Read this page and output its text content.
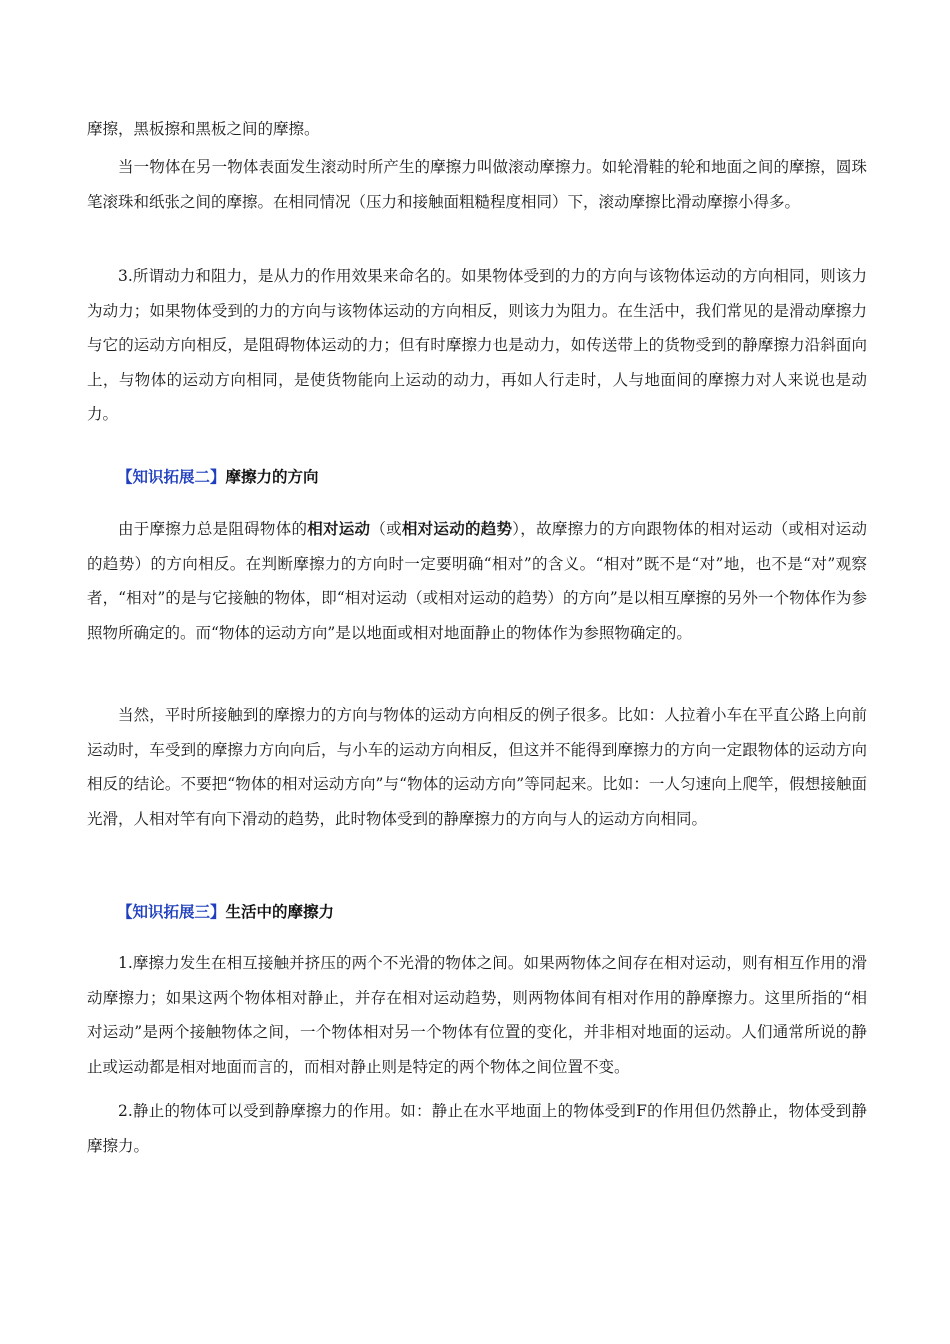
摩擦，黑板擦和黑板之间的摩擦。

当一物体在另一物体表面发生滚动时所产生的摩擦力叫做滚动摩擦力。如轮滑鞋的轮和地面之间的摩擦，圆珠笔滚珠和纸张之间的摩擦。在相同情况（压力和接触面粗糙程度相同）下，滚动摩擦比滑动摩擦小得多。

3.所谓动力和阻力，是从力的作用效果来命名的。如果物体受到的力的方向与该物体运动的方向相同，则该力为动力；如果物体受到的力的方向与该物体运动的方向相反，则该力为阻力。在生活中，我们常见的是滑动摩擦力与它的运动方向相反，是阻碍物体运动的力；但有时摩擦力也是动力，如传送带上的货物受到的静摩擦力沿斜面向上，与物体的运动方向相同，是使货物能向上运动的动力，再如人行走时，人与地面间的摩擦力对人来说也是动力。

【知识拓展二】摩擦力的方向

由于摩擦力总是阻碍物体的相对运动（或相对运动的趋势），故摩擦力的方向跟物体的相对运动（或相对运动的趋势）的方向相反。在判断摩擦力的方向时一定要明确“相对”的含义。“相对”既不是“对”地，也不是“对”观察者，“相对”的是与它接触的物体，即“相对运动（或相对运动的趋势）的方向”是以相互摩擦的另外一个物体作为参照物所确定的。而“物体的运动方向”是以地面或相对地面静止的物体作为参照物确定的。

当然，平时所接触到的摩擦力的方向与物体的运动方向相反的例子很多。比如：人拉着小车在平直公路上向前运动时，车受到的摩擦力方向向后，与小车的运动方向相反，但这并不能得到摩擦力的方向一定跟物体的运动方向相反的结论。不要把“物体的相对运动方向”与“物体的运动方向”等同起来。比如：一人匀速向上爬竿，假想接触面光滑，人相对竿有向下滑动的趋势，此时物体受到的静摩擦力的方向与人的运动方向相同。

【知识拓展三】生活中的摩擦力

1.摩擦力发生在相互接触并挤压的两个不光滑的物体之间。如果两物体之间存在相对运动，则有相互作用的滑动摩擦力；如果这两个物体相对静止，并存在相对运动趋势，则两物体间有相对作用的静摩擦力。这里所指的“相对运动”是两个接触物体之间，一个物体相对另一个物体有位置的变化，并非相对地面的运动。人们通常所说的静止或运动都是相对地面而言的，而相对静止则是特定的两个物体之间位置不变。

2.静止的物体可以受到静摩擦力的作用。如：静止在水平地面上的物体受到F的作用但仍然静止，物体受到静摩擦力。
